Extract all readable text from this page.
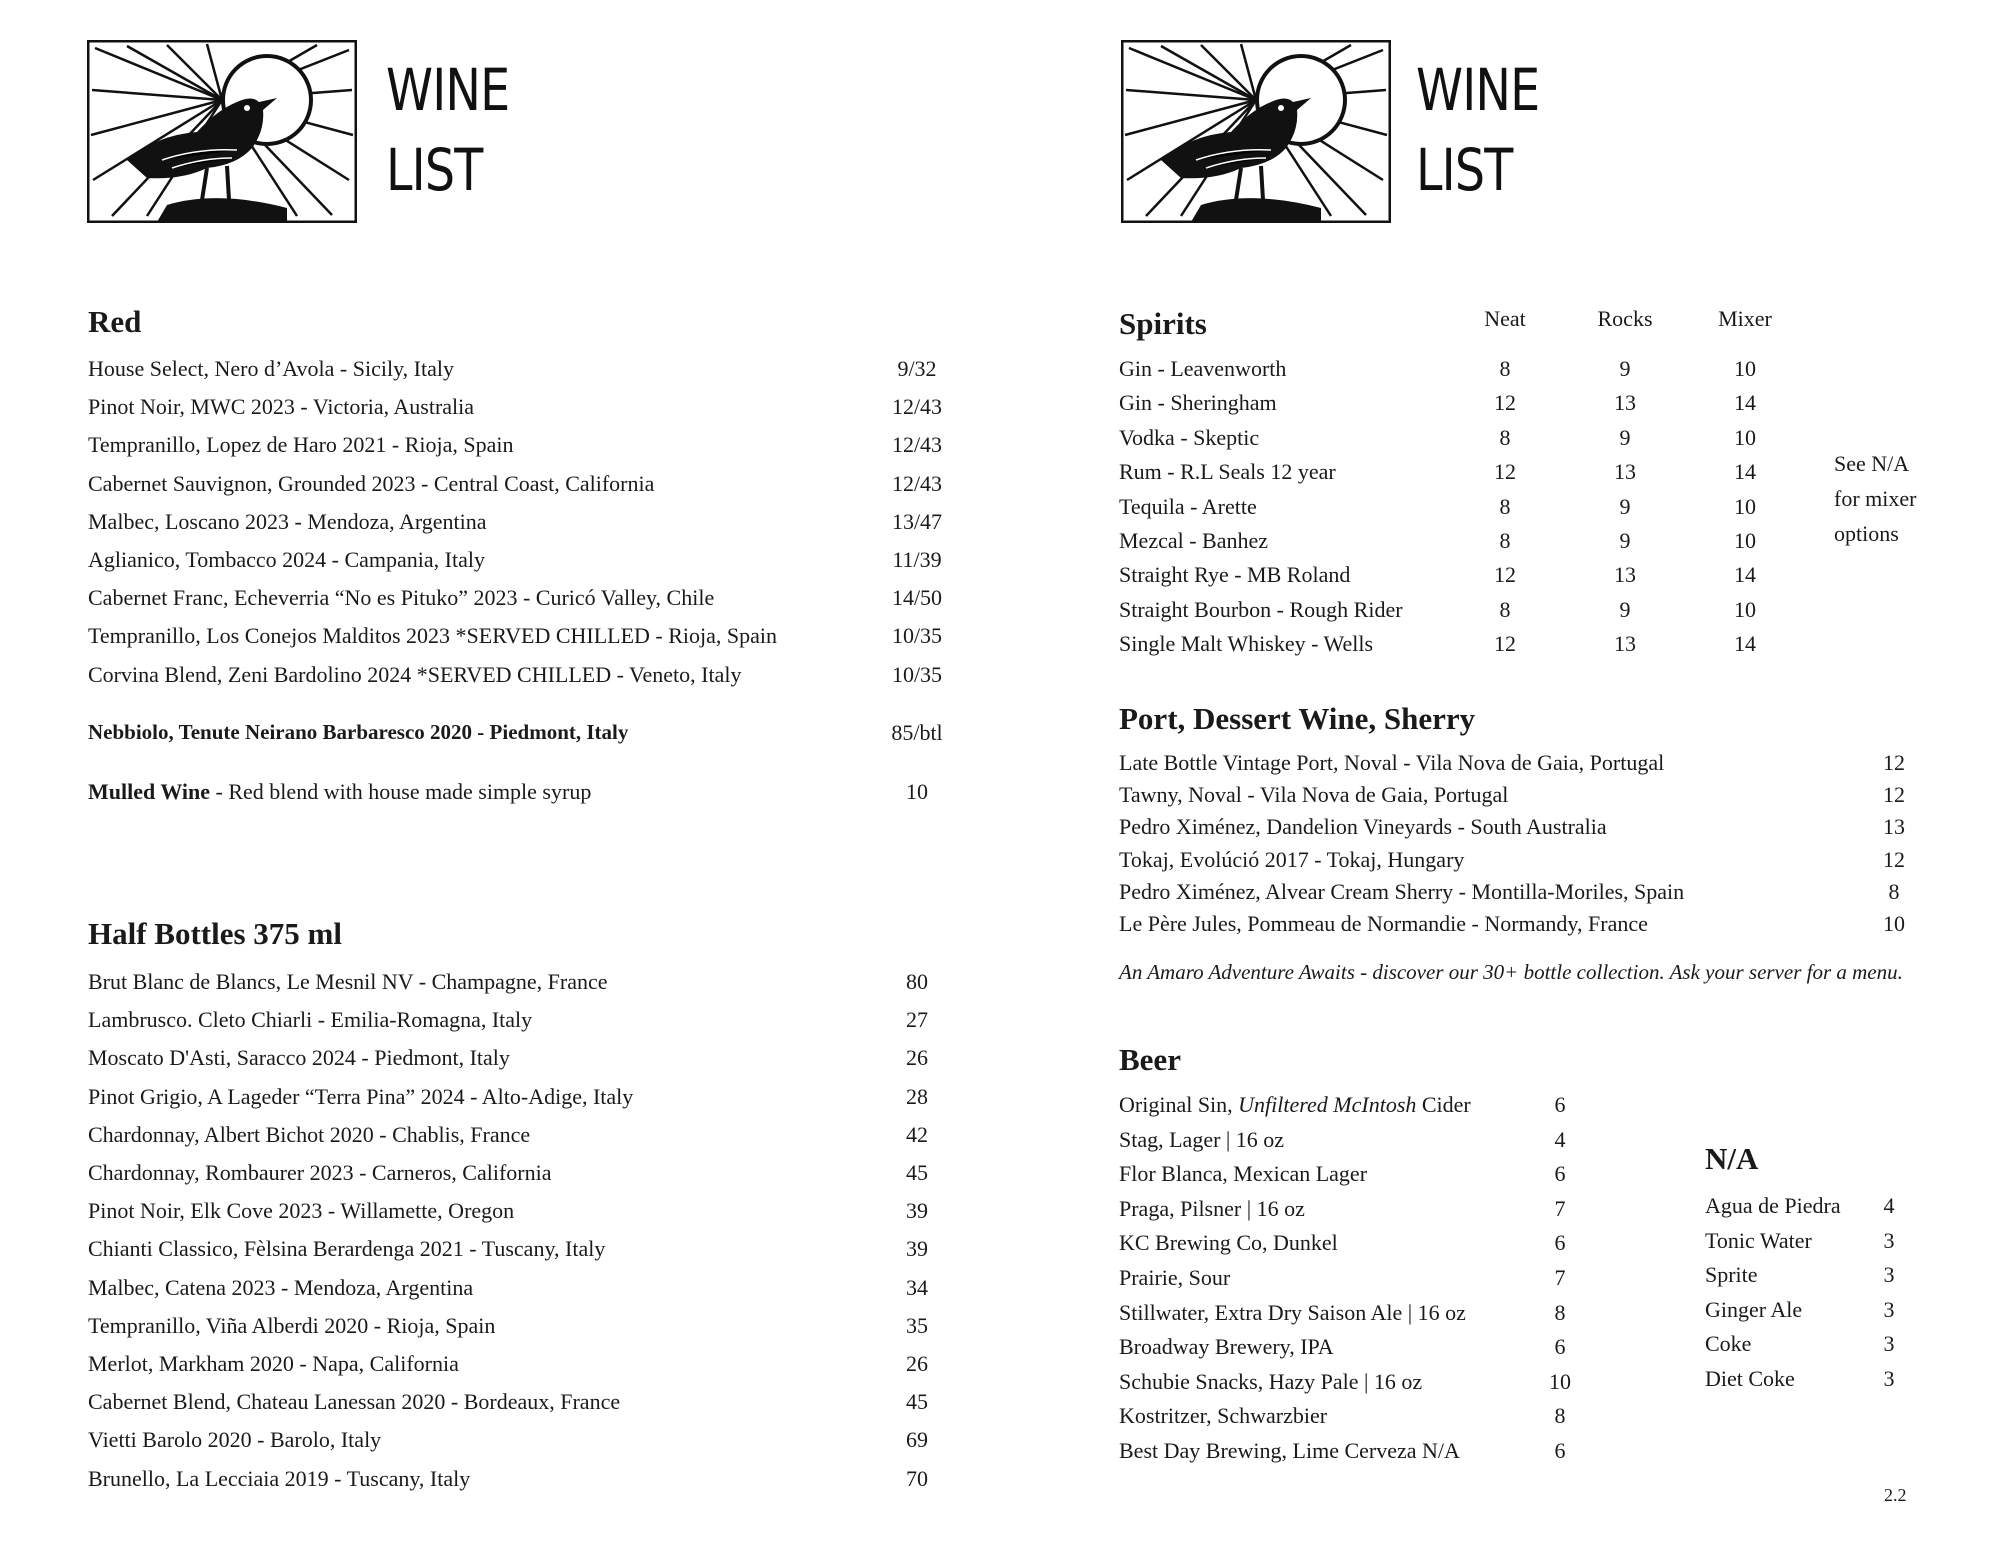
WINE
LIST
WINE
LIST
Red
House Select, Nero d’Avola - Sicily, Italy	9/32
Pinot Noir, MWC 2023 - Victoria, Australia	12/43
Tempranillo, Lopez de Haro 2021 - Rioja, Spain	12/43
Cabernet Sauvignon, Grounded 2023 - Central Coast, California	12/43
Malbec, Loscano 2023 - Mendoza, Argentina	13/47
Aglianico, Tombacco 2024 - Campania, Italy	11/39
Cabernet Franc, Echeverria “No es Pituko” 2023 - Curicó Valley, Chile	14/50
Tempranillo, Los Conejos Malditos 2023 *SERVED CHILLED - Rioja, Spain	10/35
Corvina Blend, Zeni Bardolino 2024 *SERVED CHILLED - Veneto, Italy	10/35
Nebbiolo, Tenute Neirano Barbaresco 2020 - Piedmont, Italy	85/btl
Mulled Wine - Red blend with house made simple syrup	10
Half Bottles 375 ml
Brut Blanc de Blancs, Le Mesnil NV - Champagne, France	80
Lambrusco. Cleto Chiarli - Emilia-Romagna, Italy	27
Moscato D'Asti, Saracco 2024 - Piedmont, Italy	26
Pinot Grigio, A Lageder “Terra Pina” 2024 - Alto-Adige, Italy	28
Chardonnay, Albert Bichot 2020 - Chablis, France	42
Chardonnay, Rombaurer 2023 - Carneros, California	45
Pinot Noir, Elk Cove 2023 - Willamette, Oregon	39
Chianti Classico, Fèlsina Berardenga 2021 - Tuscany, Italy	39
Malbec, Catena 2023 - Mendoza, Argentina	34
Tempranillo, Viña Alberdi 2020 - Rioja, Spain	35
Merlot, Markham 2020 - Napa, California	26
Cabernet Blend, Chateau Lanessan 2020 - Bordeaux, France	45
Vietti Barolo 2020 - Barolo, Italy	69
Brunello, La Lecciaia 2019 - Tuscany, Italy	70
Spirits	Neat	Rocks	Mixer
Gin - Leavenworth	8	9	10
Gin - Sheringham	12	13	14
Vodka - Skeptic	8	9	10
Rum - R.L Seals 12 year	12	13	14
Tequila - Arette	8	9	10
Mezcal - Banhez	8	9	10
Straight Rye - MB Roland	12	13	14
Straight Bourbon - Rough Rider	8	9	10
Single Malt Whiskey - Wells	12	13	14
See N/A
for mixer
options
Port, Dessert Wine, Sherry
Late Bottle Vintage Port, Noval - Vila Nova de Gaia, Portugal	12
Tawny, Noval - Vila Nova de Gaia, Portugal	12
Pedro Ximénez, Dandelion Vineyards - South Australia	13
Tokaj, Evolúció 2017 - Tokaj, Hungary	12
Pedro Ximénez, Alvear Cream Sherry - Montilla-Moriles, Spain	8
Le Père Jules, Pommeau de Normandie - Normandy, France	10
An Amaro Adventure Awaits - discover our 30+ bottle collection. Ask your server for a menu.
Beer
Original Sin, Unfiltered McIntosh Cider	6
Stag, Lager | 16 oz	4
Flor Blanca, Mexican Lager	6
Praga, Pilsner | 16 oz	7
KC Brewing Co, Dunkel	6
Prairie, Sour	7
Stillwater, Extra Dry Saison Ale | 16 oz	8
Broadway Brewery, IPA	6
Schubie Snacks, Hazy Pale | 16 oz	10
Kostritzer, Schwarzbier	8
Best Day Brewing, Lime Cerveza N/A	6
N/A
Agua de Piedra 4
Tonic Water	3
Sprite	3
Ginger Ale	3
Coke	3
Diet Coke	3
2.2
